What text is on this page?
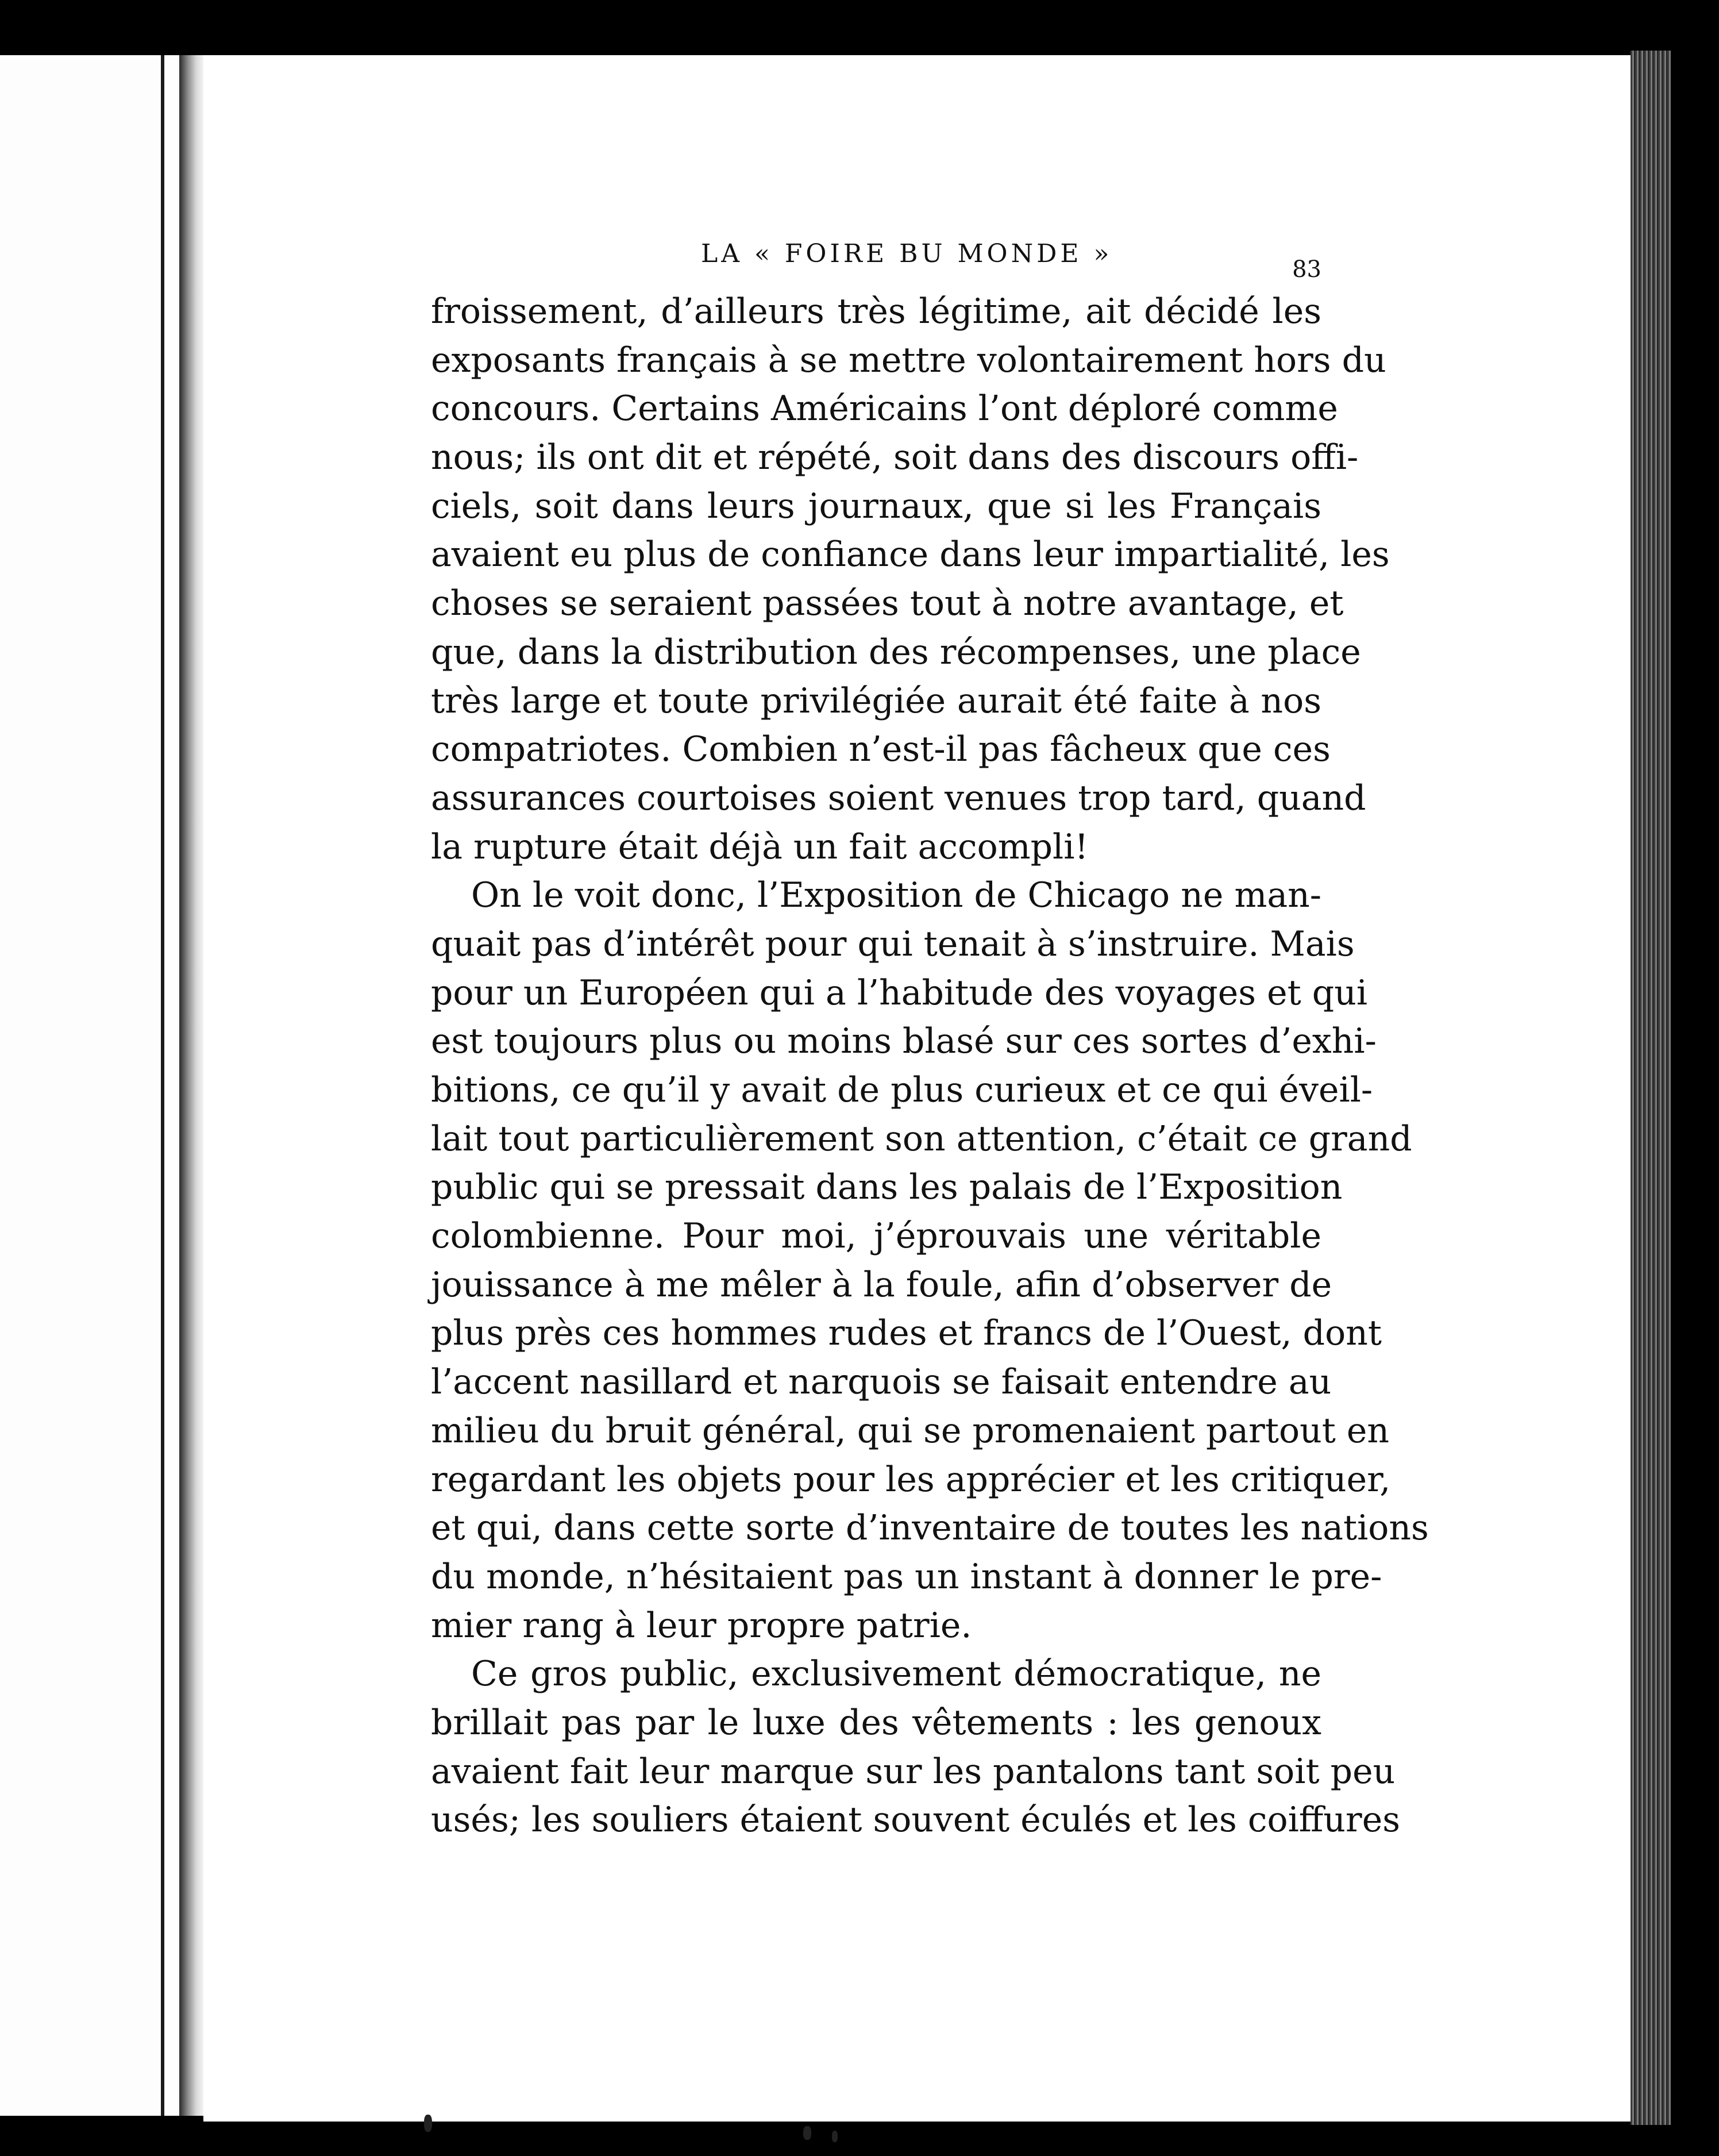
LA « FOIRE BU MONDE »
83
froissement, d’ailleurs très légitime, ait décidé les
exposants français à se mettre volontairement hors du
concours. Certains Américains l’ont déploré comme
nous; ils ont dit et répété, soit dans des discours offi-
ciels, soit dans leurs journaux, que si les Français
avaient eu plus de confiance dans leur impartialité, les
choses se seraient passées tout à notre avantage, et
que, dans la distribution des récompenses, une place
très large et toute privilégiée aurait été faite à nos
compatriotes. Combien n’est-il pas fâcheux que ces
assurances courtoises soient venues trop tard, quand
la rupture était déjà un fait accompli!
On le voit donc, l’Exposition de Chicago ne man-
quait pas d’intérêt pour qui tenait à s’instruire. Mais
pour un Européen qui a l’habitude des voyages et qui
est toujours plus ou moins blasé sur ces sortes d’exhi-
bitions, ce qu’il y avait de plus curieux et ce qui éveil-
lait tout particulièrement son attention, c’était ce grand
public qui se pressait dans les palais de l’Exposition
colombienne. Pour moi, j’éprouvais une véritable
jouissance à me mêler à la foule, afin d’observer de
plus près ces hommes rudes et francs de l’Ouest, dont
l’accent nasillard et narquois se faisait entendre au
milieu du bruit général, qui se promenaient partout en
regardant les objets pour les apprécier et les critiquer,
et qui, dans cette sorte d’inventaire de toutes les nations
du monde, n’hésitaient pas un instant à donner le pre-
mier rang à leur propre patrie.
Ce gros public, exclusivement démocratique, ne
brillait pas par le luxe des vêtements : les genoux
avaient fait leur marque sur les pantalons tant soit peu
usés; les souliers étaient souvent éculés et les coiffures
